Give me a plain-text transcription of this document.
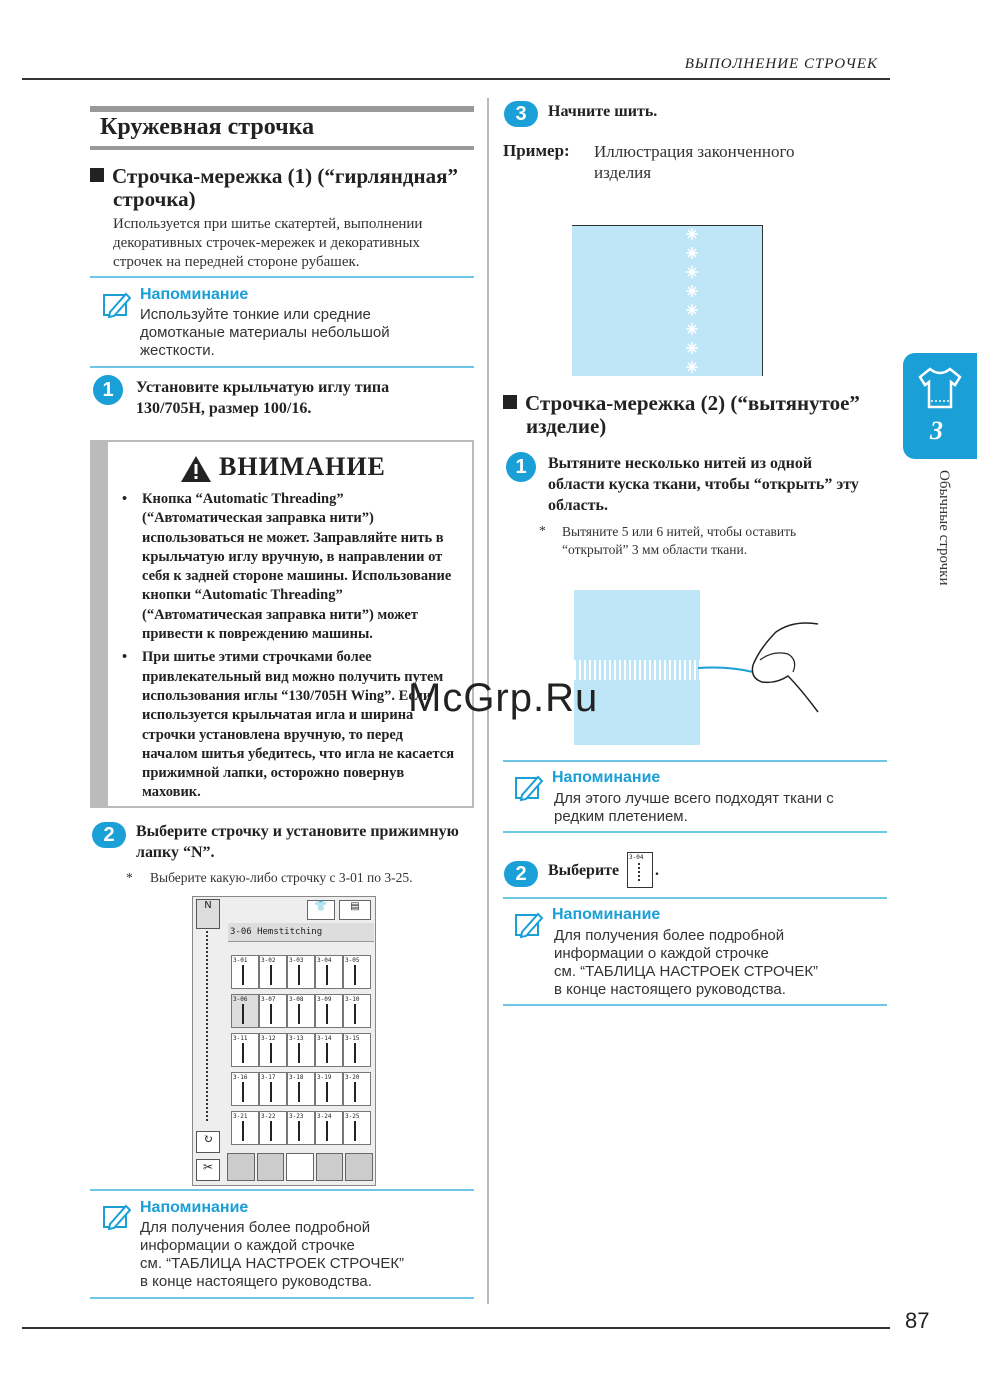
ВЫПОЛНЕНИЕ СТРОЧЕК
87
3
Обычные строчки
Кружевная строчка
Строчка-мережка (1) (“гирляндная”
строчка)
Используется при шитье скатертей, выполнении
декоративных строчек-мережек и декоративных
строчек на передней стороне рубашек.
Напоминание
Используйте тонкие или средние
домотканые материалы небольшой
жесткости.
1	Установите крыльчатую иглу типа
130/705H, размер 100/16.
ВНИМАНИЕ

• Кнопка “Automatic Threading”
(“Автоматическая заправка нити”)
использоваться не может. Заправляйте нить в
крыльчатую иглу вручную, в направлении от
себя к задней стороне машины. Использование
кнопки “Automatic Threading”
(“Автоматическая заправка нити”) может
привести к повреждению машины.

• При шитье этими строчками более
привлекательный вид можно получить путем
использования иглы “130/705H Wing”. Если
используется крыльчатая игла и ширина
строчки установлена вручную, то перед
началом шитья убедитесь, что игла не касается
прижимной лапки, осторожно повернув
маховик.

2	Выберите строчку и установите прижимную
лапку “N”.
* Выберите какую-либо строчку с 3-01 по 3-25.
N
3-06 Hemstitching
👕	▤
3-01	3-02	3-03	3-04	3-05
3-06	3-07	3-08	3-09	3-10
3-11	3-12	3-13	3-14	3-15
3-16	3-17	3-18	3-19	3-20
3-21	3-22	3-23	3-24	3-25
↻
✂
Напоминание
Для получения более подробной
информации о каждой строчке
см. “ТАБЛИЦА НАСТРОЕК СТРОЧЕК”
в конце настоящего руководства.
3	Начните шить.
Пример: Иллюстрация законченного
изделия
Строчка-мережка (2) (“вытянутое”
изделие)
1	Вытяните несколько нитей из одной
области куска ткани, чтобы “открыть” эту
область.
* Вытяните 5 или 6 нитей, чтобы оставить
“открытой” 3 мм области ткани.
Напоминание
Для этого лучше всего подходят ткани с
редким плетением.
2	Выберите
3-04
.
Напоминание
Для получения более подробной
информации о каждой строчке
см. “ТАБЛИЦА НАСТРОЕК СТРОЧЕК”
в конце настоящего руководства.
McGrp.Ru
